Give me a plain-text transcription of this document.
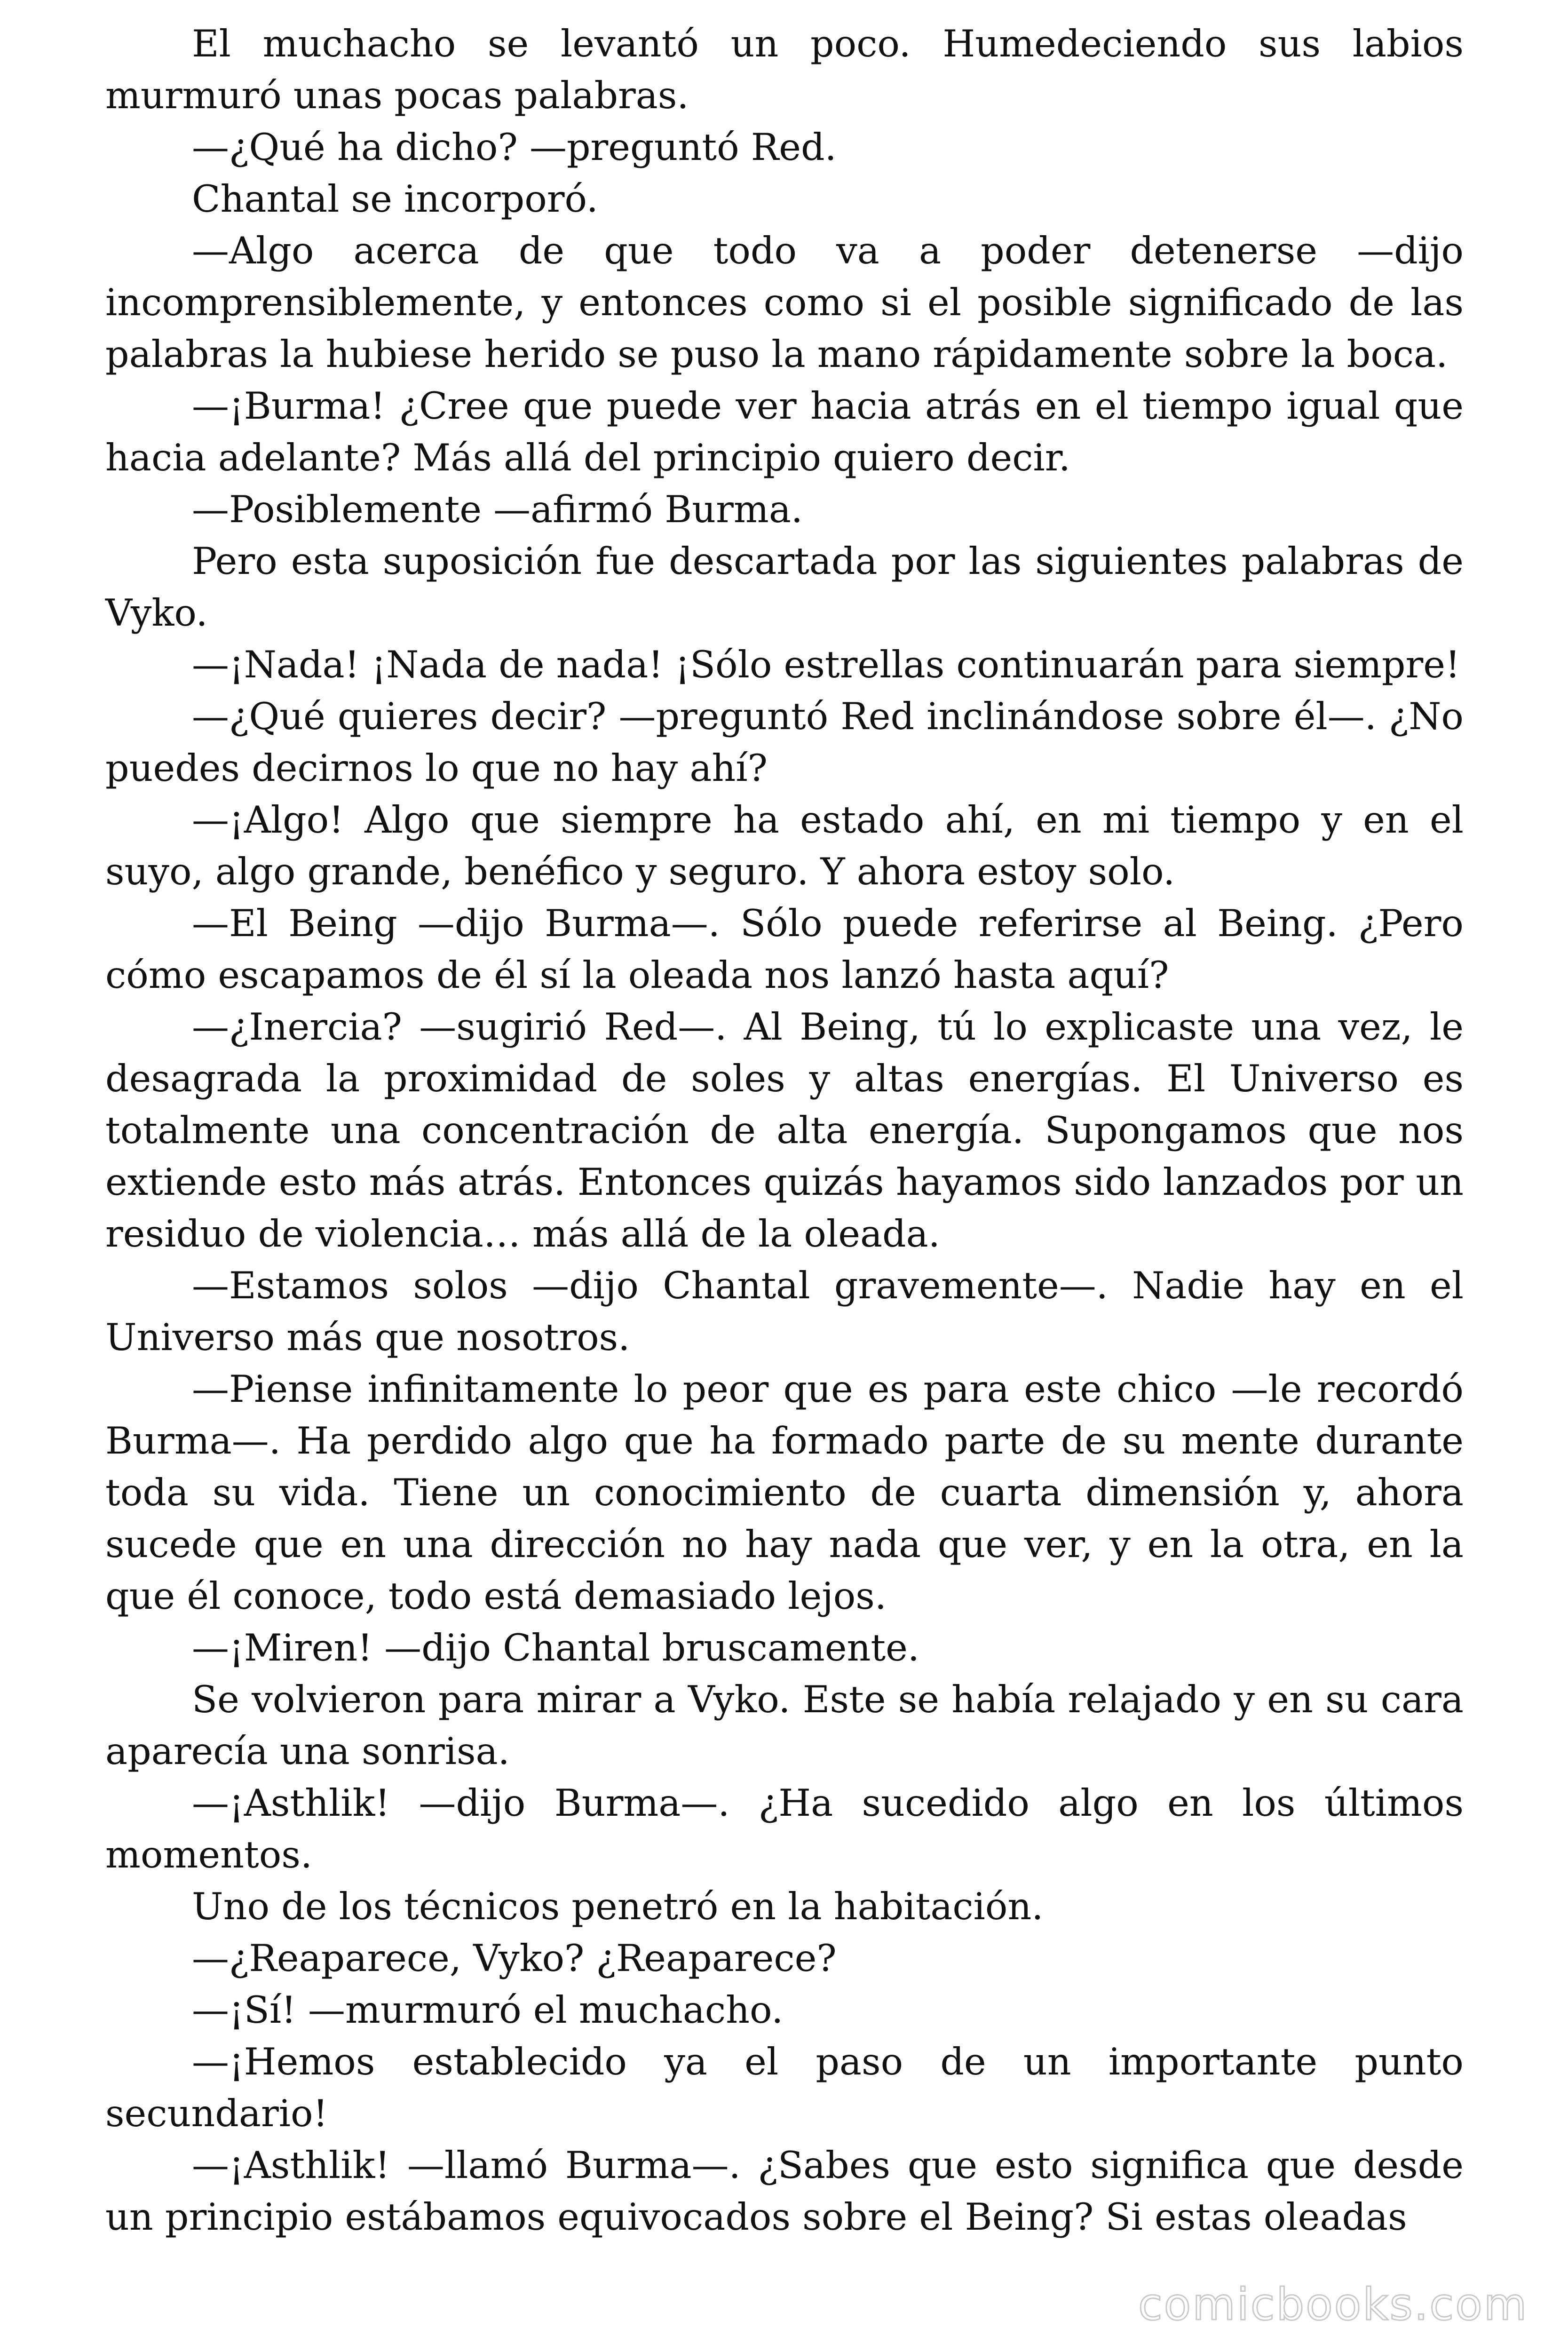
El muchacho se levantó un poco. Humedeciendo sus labios murmuró unas pocas palabras.

—¿Qué ha dicho? —preguntó Red.

Chantal se incorporó.

—Algo acerca de que todo va a poder detenerse —dijo incomprensiblemente, y entonces como si el posible significado de las palabras la hubiese herido se puso la mano rápidamente sobre la boca.

—¡Burma! ¿Cree que puede ver hacia atrás en el tiempo igual que hacia adelante? Más allá del principio quiero decir.

—Posiblemente —afirmó Burma.

Pero esta suposición fue descartada por las siguientes palabras de Vyko.

—¡Nada! ¡Nada de nada! ¡Sólo estrellas continuarán para siempre!

—¿Qué quieres decir? —preguntó Red inclinándose sobre él—. ¿No puedes decirnos lo que no hay ahí?

—¡Algo! Algo que siempre ha estado ahí, en mi tiempo y en el suyo, algo grande, benéfico y seguro. Y ahora estoy solo.

—El Being —dijo Burma—. Sólo puede referirse al Being. ¿Pero cómo escapamos de él sí la oleada nos lanzó hasta aquí?

—¿Inercia? —sugirió Red—. Al Being, tú lo explicaste una vez, le desagrada la proximidad de soles y altas energías. El Universo es totalmente una concentración de alta energía. Supongamos que nos extiende esto más atrás. Entonces quizás hayamos sido lanzados por un residuo de violencia… más allá de la oleada.

—Estamos solos —dijo Chantal gravemente—. Nadie hay en el Universo más que nosotros.

—Piense infinitamente lo peor que es para este chico —le recordó Burma—. Ha perdido algo que ha formado parte de su mente durante toda su vida. Tiene un conocimiento de cuarta dimensión y, ahora sucede que en una dirección no hay nada que ver, y en la otra, en la que él conoce, todo está demasiado lejos.

—¡Miren! —dijo Chantal bruscamente.

Se volvieron para mirar a Vyko. Este se había relajado y en su cara aparecía una sonrisa.

—¡Asthlik! —dijo Burma—. ¿Ha sucedido algo en los últimos momentos.

Uno de los técnicos penetró en la habitación.

—¿Reaparece, Vyko? ¿Reaparece?

—¡Sí! —murmuró el muchacho.

—¡Hemos establecido ya el paso de un importante punto secundario!

—¡Asthlik! —llamó Burma—. ¿Sabes que esto significa que desde un principio estábamos equivocados sobre el Being? Si estas oleadas

comicbooks.com
